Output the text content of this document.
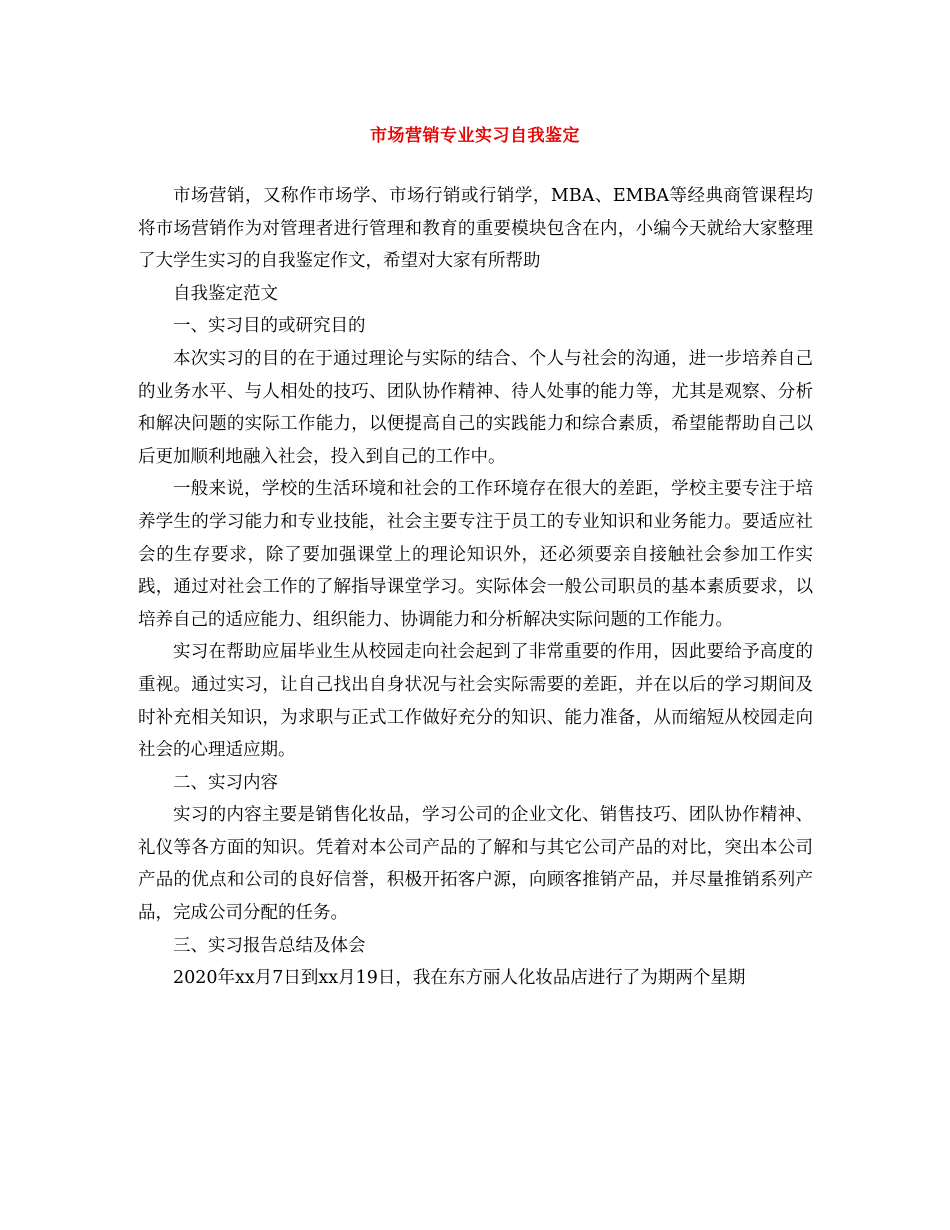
市场营销专业实习自我鉴定

市场营销，又称作市场学、市场行销或行销学，MBA、EMBA等经典商管课程均将市场营销作为对管理者进行管理和教育的重要模块包含在内，小编今天就给大家整理了大学生实习的自我鉴定作文，希望对大家有所帮助

自我鉴定范文

一、实习目的或研究目的

本次实习的目的在于通过理论与实际的结合、个人与社会的沟通，进一步培养自己的业务水平、与人相处的技巧、团队协作精神、待人处事的能力等，尤其是观察、分析和解决问题的实际工作能力，以便提高自己的实践能力和综合素质，希望能帮助自己以后更加顺利地融入社会，投入到自己的工作中。

一般来说，学校的生活环境和社会的工作环境存在很大的差距，学校主要专注于培养学生的学习能力和专业技能，社会主要专注于员工的专业知识和业务能力。要适应社会的生存要求，除了要加强课堂上的理论知识外，还必须要亲自接触社会参加工作实践，通过对社会工作的了解指导课堂学习。实际体会一般公司职员的基本素质要求，以培养自己的适应能力、组织能力、协调能力和分析解决实际问题的工作能力。

实习在帮助应届毕业生从校园走向社会起到了非常重要的作用，因此要给予高度的重视。通过实习，让自己找出自身状况与社会实际需要的差距，并在以后的学习期间及时补充相关知识，为求职与正式工作做好充分的知识、能力准备，从而缩短从校园走向社会的心理适应期。

二、实习内容

实习的内容主要是销售化妆品，学习公司的企业文化、销售技巧、团队协作精神、礼仪等各方面的知识。凭着对本公司产品的了解和与其它公司产品的对比，突出本公司产品的优点和公司的良好信誉，积极开拓客户源，向顾客推销产品，并尽量推销系列产品，完成公司分配的任务。

三、实习报告总结及体会

2020年xx月7日到xx月19日，我在东方丽人化妆品店进行了为期两个星期
